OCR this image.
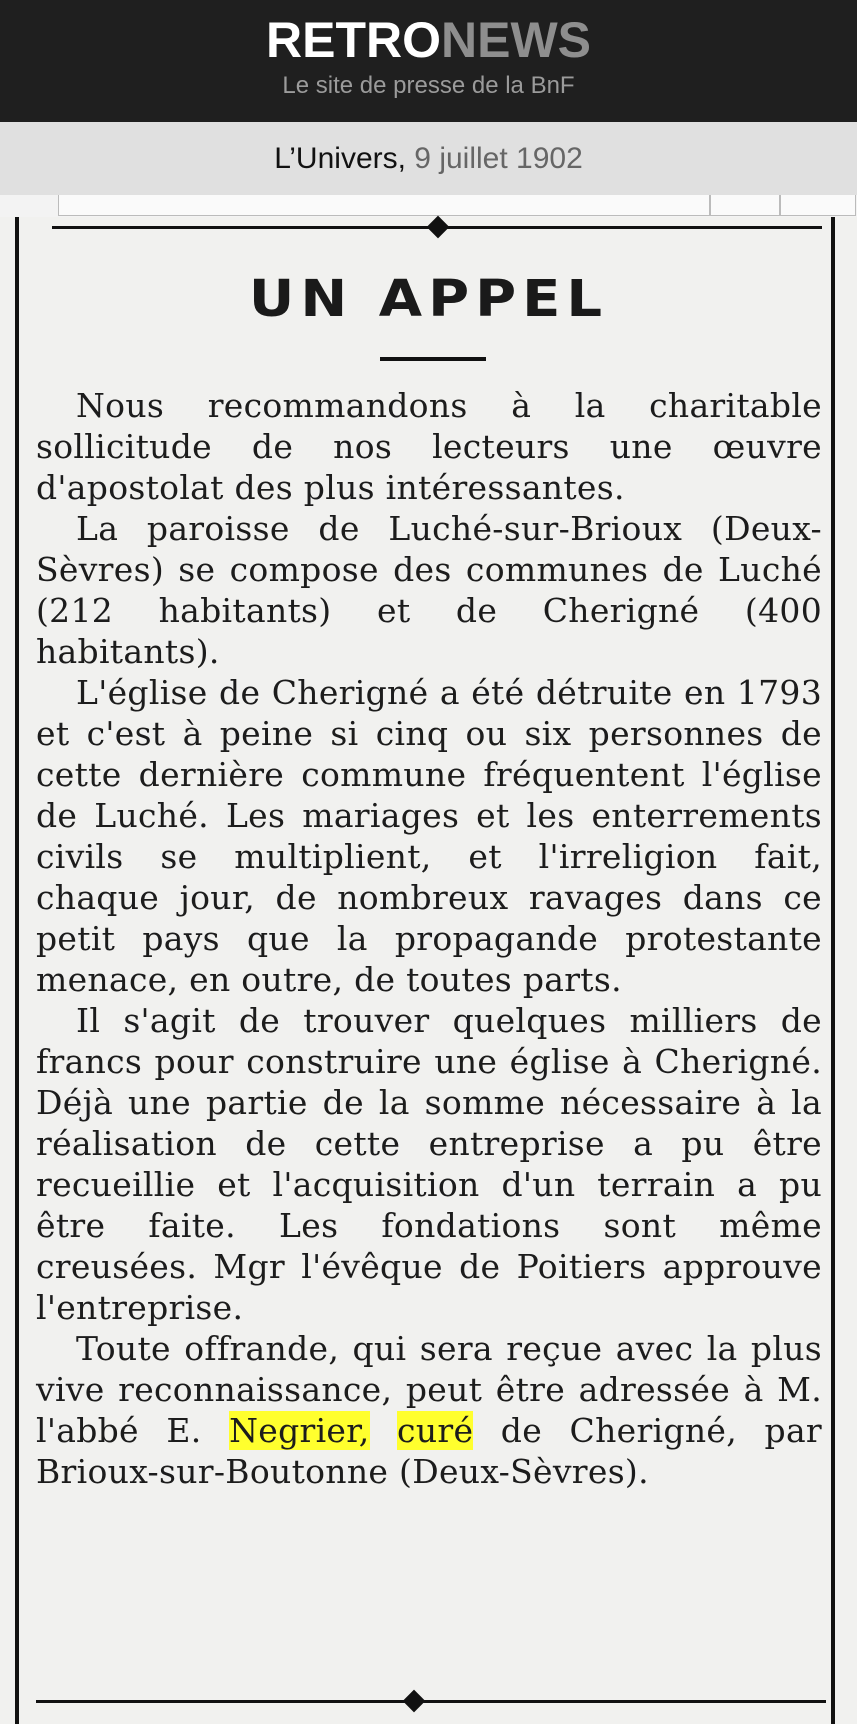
RETRONEWS
Le site de presse de la BnF
L’Univers, 9 juillet 1902
UN APPEL

Nous recommandons à la charitable sollicitude de nos lecteurs une œuvre d'apostolat des plus intéressantes.

La paroisse de Luché-sur-Brioux (Deux-Sèvres) se compose des communes de Luché (212 habitants) et de Cherigné (400 habitants).

L'église de Cherigné a été détruite en 1793 et c'est à peine si cinq ou six personnes de cette dernière commune fréquentent l'église de Luché. Les mariages et les enterrements civils se multiplient, et l'irreligion fait, chaque jour, de nombreux ravages dans ce petit pays que la propagande protestante menace, en outre, de toutes parts.

Il s'agit de trouver quelques milliers de francs pour construire une église à Cherigné. Déjà une partie de la somme nécessaire à la réalisation de cette entreprise a pu être recueillie et l'acquisition d'un terrain a pu être faite. Les fondations sont même creusées. Mgr l'évêque de Poitiers approuve l'entreprise.

Toute offrande, qui sera reçue avec la plus vive reconnaissance, peut être adressée à M. l'abbé E. Negrier, curé de Cherigné, par Brioux-sur-Boutonne (Deux-Sèvres).
